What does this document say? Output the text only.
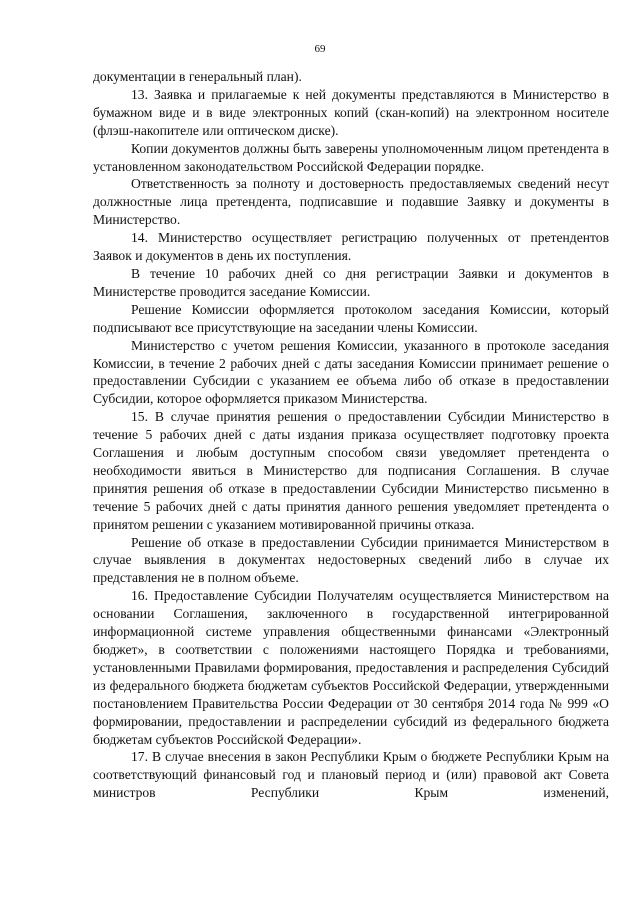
69

документации в генеральный план).

13. Заявка и прилагаемые к ней документы представляются в Министерство в бумажном виде и в виде электронных копий (скан-копий) на электронном носителе (флэш-накопителе или оптическом диске).

Копии документов должны быть заверены уполномоченным лицом претендента в установленном законодательством Российской Федерации порядке.

Ответственность за полноту и достоверность предоставляемых сведений несут должностные лица претендента, подписавшие и подавшие Заявку и документы в Министерство.

14. Министерство осуществляет регистрацию полученных от претендентов Заявок и документов в день их поступления.

В течение 10 рабочих дней со дня регистрации Заявки и документов в Министерстве проводится заседание Комиссии.

Решение Комиссии оформляется протоколом заседания Комиссии, который подписывают все присутствующие на заседании члены Комиссии.

Министерство с учетом решения Комиссии, указанного в протоколе заседания Комиссии, в течение 2 рабочих дней с даты заседания Комиссии принимает решение о предоставлении Субсидии с указанием ее объема либо об отказе в предоставлении Субсидии, которое оформляется приказом Министерства.

15. В случае принятия решения о предоставлении Субсидии Министерство в течение 5 рабочих дней с даты издания приказа осуществляет подготовку проекта Соглашения и любым доступным способом связи уведомляет претендента о необходимости явиться в Министерство для подписания Соглашения. В случае принятия решения об отказе в предоставлении Субсидии Министерство письменно в течение 5 рабочих дней с даты принятия данного решения уведомляет претендента о принятом решении с указанием мотивированной причины отказа.

Решение об отказе в предоставлении Субсидии принимается Министерством в случае выявления в документах недостоверных сведений либо в случае их представления не в полном объеме.

16. Предоставление Субсидии Получателям осуществляется Министерством на основании Соглашения, заключенного в государственной интегрированной информационной системе управления общественными финансами «Электронный бюджет», в соответствии с положениями настоящего Порядка и требованиями, установленными Правилами формирования, предоставления и распределения Субсидий из федерального бюджета бюджетам субъектов Российской Федерации, утвержденными постановлением Правительства России Федерации от 30 сентября 2014 года № 999 «О формировании, предоставлении и распределении субсидий из федерального бюджета бюджетам субъектов Российской Федерации».

17. В случае внесения в закон Республики Крым о бюджете Республики Крым на соответствующий финансовый год и плановый период и (или) правовой акт Совета министров Республики Крым изменений,
